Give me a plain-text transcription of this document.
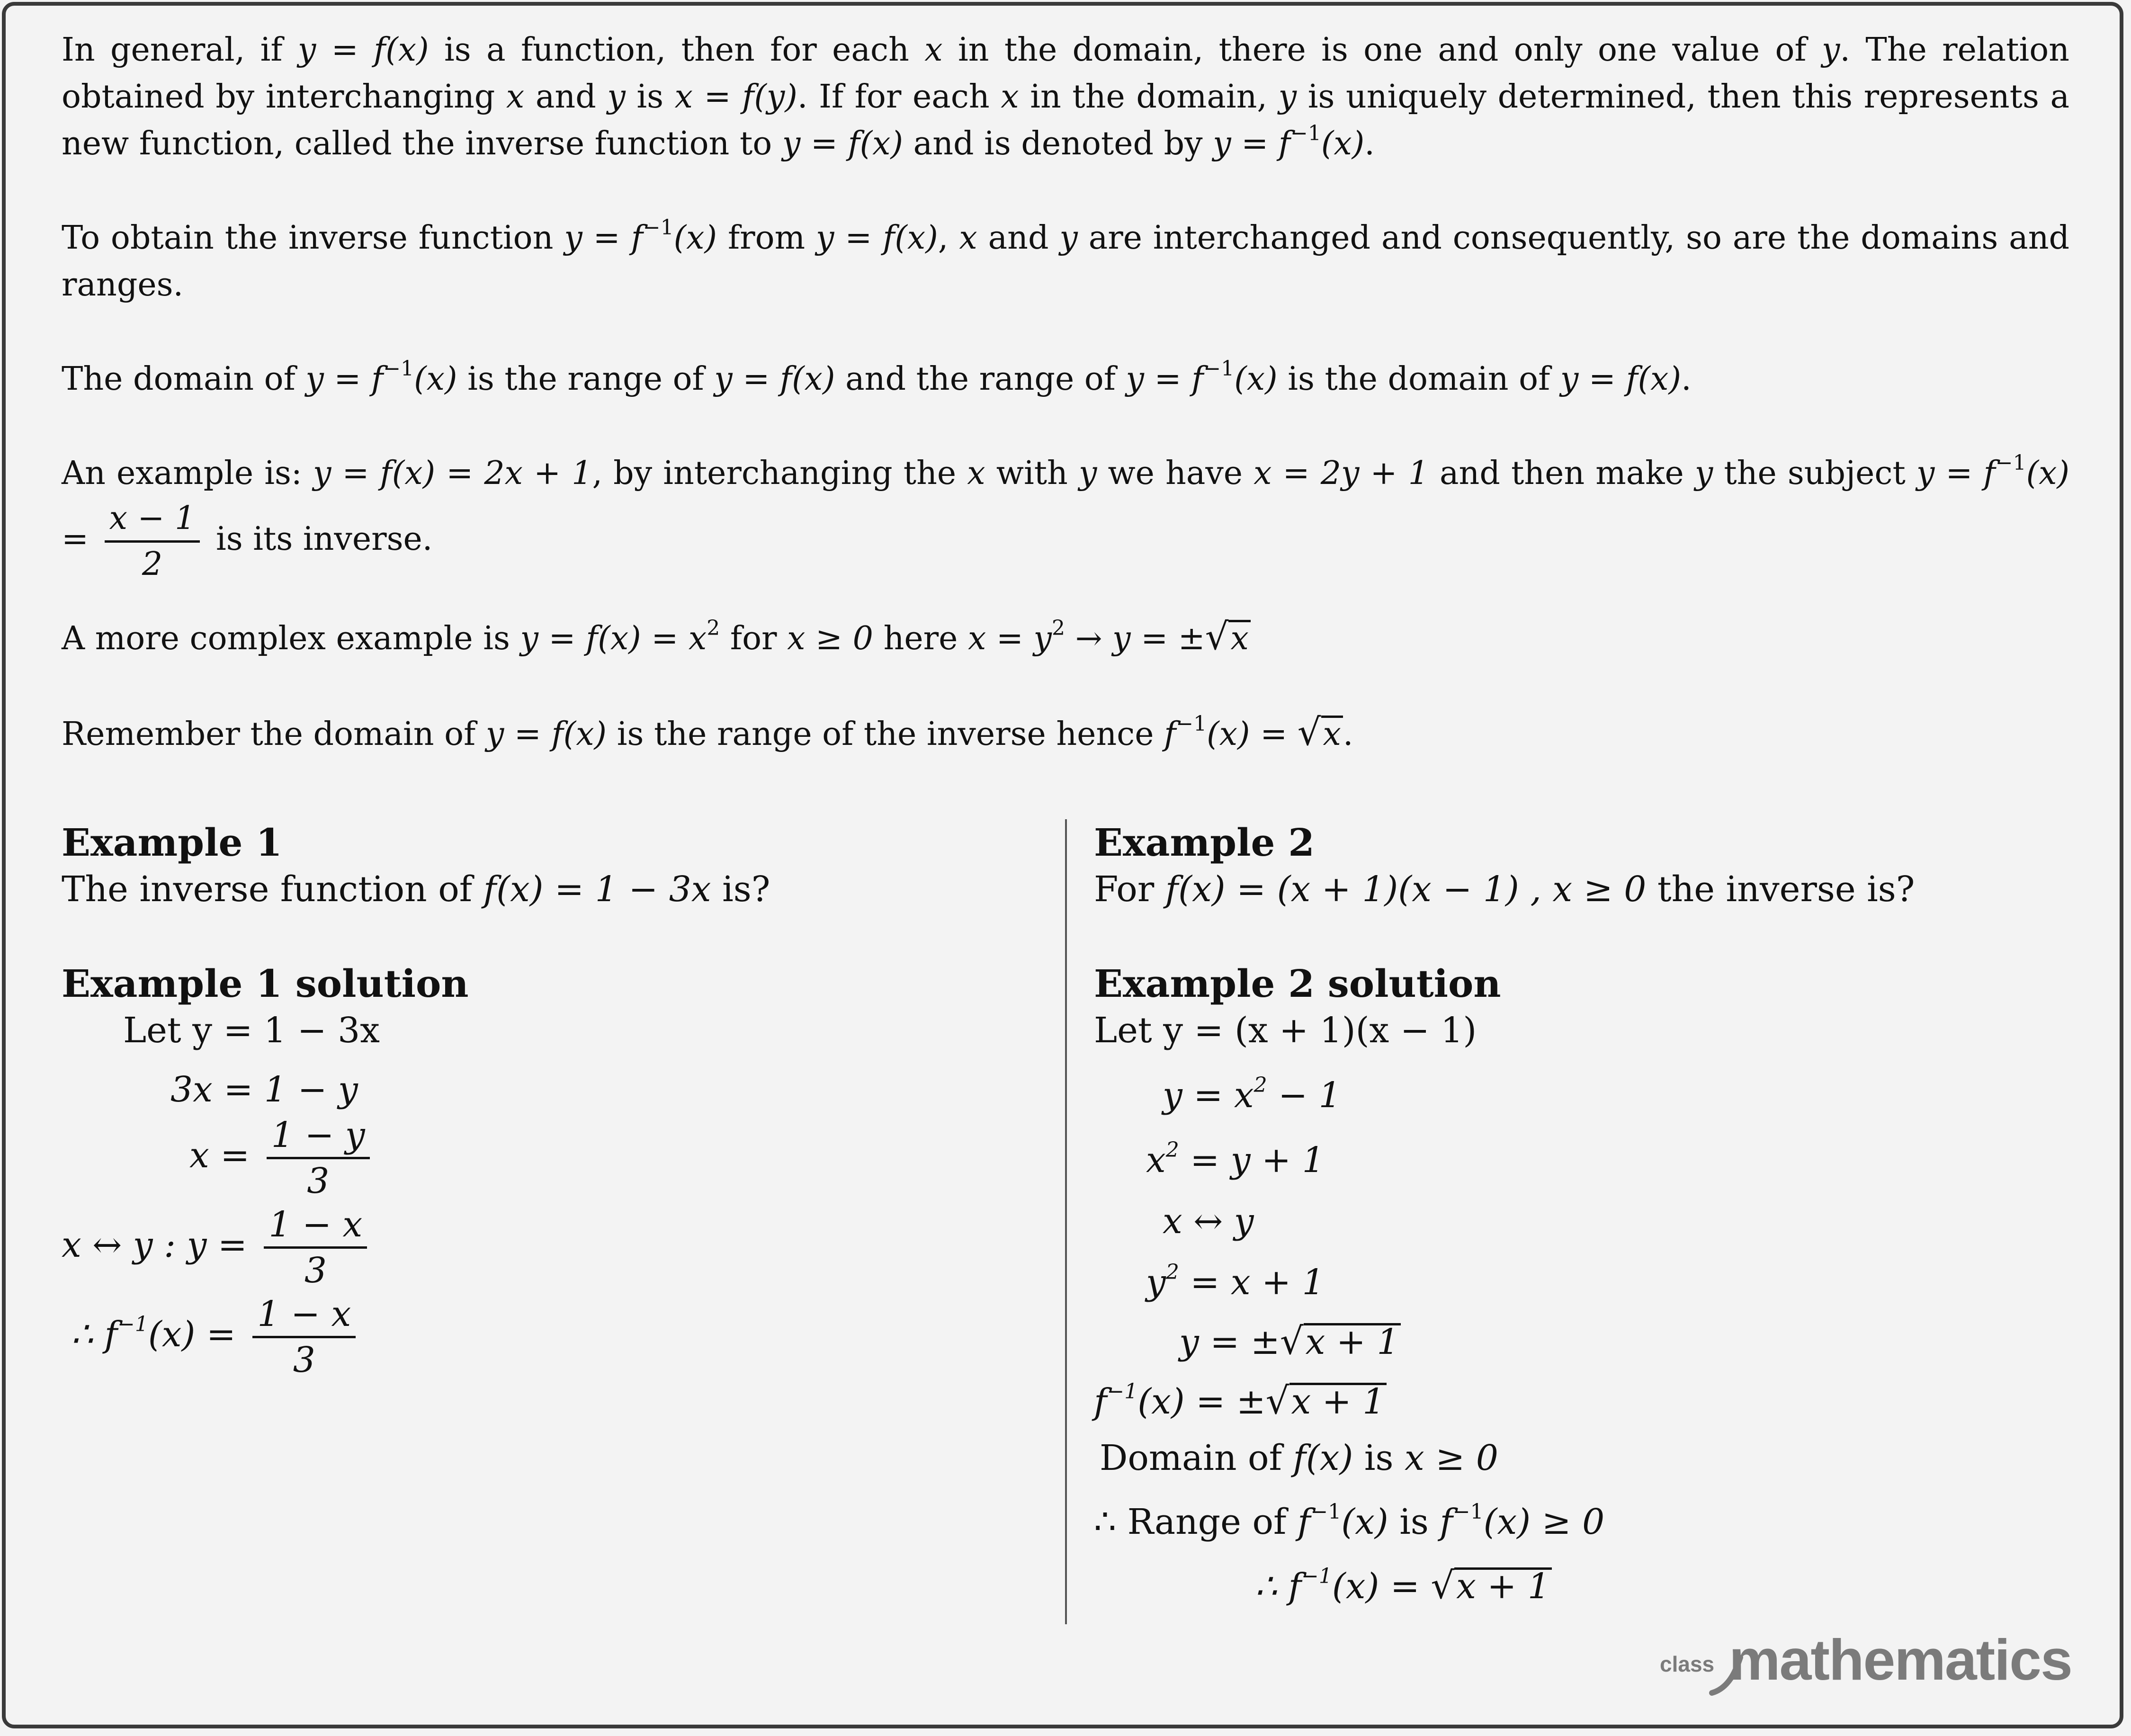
In general, if y = f(x) is a function, then for each x in the domain, there is one and only one value of y. The relation obtained by interchanging x and y is x = f(y). If for each x in the domain, y is uniquely determined, then this represents a new function, called the inverse function to y = f(x) and is denoted by $y = f^{-1}(x)$.

To obtain the inverse function $y = f^{-1}(x)$ from y = f(x), x and y are interchanged and consequently, so are the domains and ranges.

The domain of $y = f^{-1}(x)$ is the range of y = f(x) and the range of $y = f^{-1}(x)$ is the domain of y = f(x).

An example is: y = f(x) = 2x + 1, by interchanging the x with y we have x = 2y + 1 and then make y the subject $y = f^{-1}(x) = \frac{x - 1}{2}$ is its inverse.

A more complex example is $y = f(x) = x^2$ for x ≥ 0 here $x = y^2 \to y = \pm√x$

Remember the domain of y = f(x) is the range of the inverse hence $f^{-1}(x) = √x$.

Example 1

The inverse function of f(x) = 1 − 3x is?

Example 1 solution

Let y = 1 − 3x
3x = 1 − y
$x = \frac{1 - y}{3}$
x ↔ y : $y = \frac{1 - x}{3}$
∴ $f^{-1}(x) = \frac{1 - x}{3}$

Example 2

For f(x) = (x + 1)(x − 1) , x ≥ 0 the inverse is?

Example 2 solution

Let y = (x + 1)(x − 1)
$y = x^2 - 1$
$x^2 = y + 1$
x ↔ y
$y^2 = x + 1$
y = ±√x + 1
$f^{-1}(x) = \pm√x + 1$
Domain of f(x) is x ≥ 0
∴ Range of $f^{-1}(x)$ is $f^{-1}(x) \ge 0$
∴ $f^{-1}(x) = √x + 1$
class mathematics
